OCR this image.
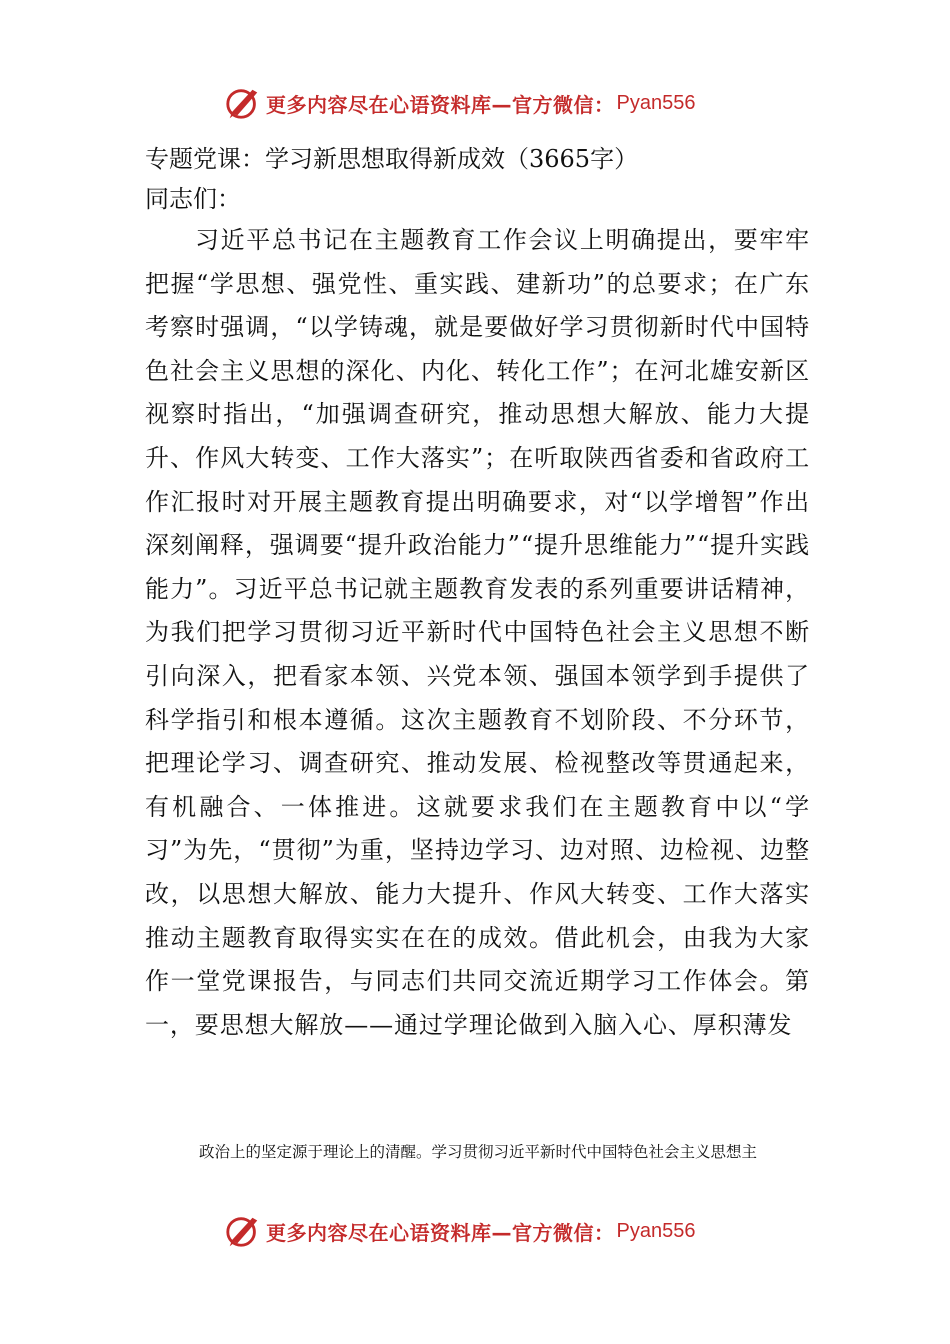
更多内容尽在心语资料库—官方微信： Pyan556
专题党课：学习新思想取得新成效（3665字）
同志们：

习近平总书记在主题教育工作会议上明确提出，要牢牢把握“学思想、强党性、重实践、建新功”的总要求；在广东考察时强调，“以学铸魂，就是要做好学习贯彻新时代中国特色社会主义思想的深化、内化、转化工作”；在河北雄安新区视察时指出，“加强调查研究，推动思想大解放、能力大提升、作风大转变、工作大落实”；在听取陕西省委和省政府工作汇报时对开展主题教育提出明确要求，对“以学增智”作出深刻阐释，强调要“提升政治能力”“提升思维能力”“提升实践能力”。习近平总书记就主题教育发表的系列重要讲话精神，为我们把学习贯彻习近平新时代中国特色社会主义思想不断引向深入，把看家本领、兴党本领、强国本领学到手提供了科学指引和根本遵循。这次主题教育不划阶段、不分环节，把理论学习、调查研究、推动发展、检视整改等贯通起来，有机融合、一体推进。这就要求我们在主题教育中以“学习”为先，“贯彻”为重，坚持边学习、边对照、边检视、边整改，以思想大解放、能力大提升、作风大转变、工作大落实推动主题教育取得实实在在的成效。借此机会，由我为大家作一堂党课报告，与同志们共同交流近期学习工作体会。第一，要思想大解放——通过学理论做到入脑入心、厚积薄发

政治上的坚定源于理论上的清醒。学习贯彻习近平新时代中国特色社会主义思想主
更多内容尽在心语资料库—官方微信： Pyan556
